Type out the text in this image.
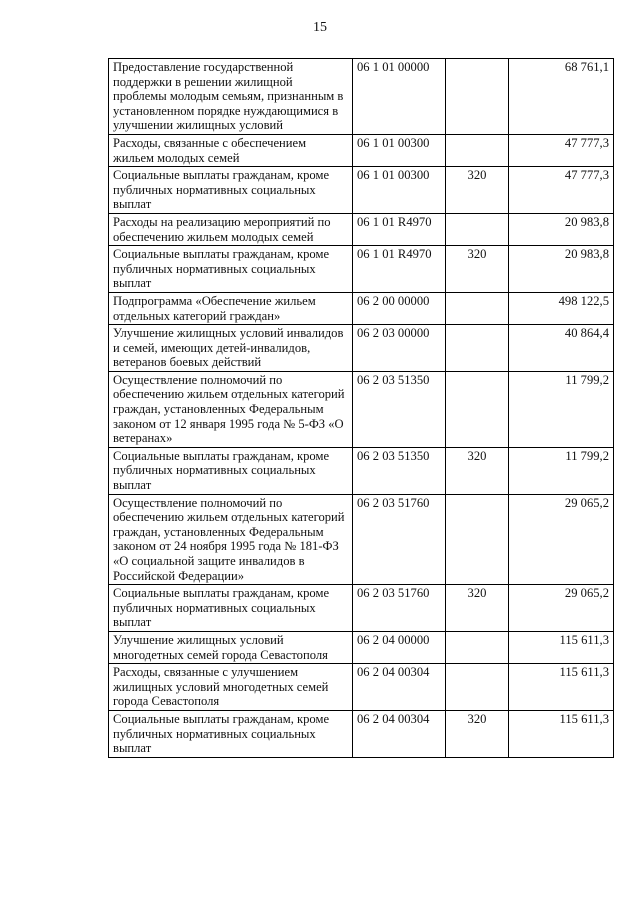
15
Предоставление государственной поддержки в решении жилищной проблемы молодым семьям, признанным в установленном порядке нуждающимися в улучшении жилищных условий	06 1 01 00000		68 761,1
Расходы, связанные с обеспечением жильем молодых семей	06 1 01 00300		47 777,3
Социальные выплаты гражданам, кроме публичных нормативных социальных выплат	06 1 01 00300	320	47 777,3
Расходы на реализацию мероприятий по обеспечению жильем молодых семей	06 1 01 R4970		20 983,8
Социальные выплаты гражданам, кроме публичных нормативных социальных выплат	06 1 01 R4970	320	20 983,8
Подпрограмма «Обеспечение жильем отдельных категорий граждан»	06 2 00 00000		498 122,5
Улучшение жилищных условий инвалидов и семей, имеющих детей-инвалидов, ветеранов боевых действий	06 2 03 00000		40 864,4
Осуществление полномочий по обеспечению жильем отдельных категорий граждан, установленных Федеральным законом от 12 января 1995 года № 5-ФЗ «О ветеранах»	06 2 03 51350		11 799,2
Социальные выплаты гражданам, кроме публичных нормативных социальных выплат	06 2 03 51350	320	11 799,2
Осуществление полномочий по обеспечению жильем отдельных категорий граждан, установленных Федеральным законом от 24 ноября 1995 года № 181-ФЗ «О социальной защите инвалидов в Российской Федерации»	06 2 03 51760		29 065,2
Социальные выплаты гражданам, кроме публичных нормативных социальных выплат	06 2 03 51760	320	29 065,2
Улучшение жилищных условий многодетных семей города Севастополя	06 2 04 00000		115 611,3
Расходы, связанные с улучшением жилищных условий многодетных семей города Севастополя	06 2 04 00304		115 611,3
Социальные выплаты гражданам, кроме публичных нормативных социальных выплат	06 2 04 00304	320	115 611,3
